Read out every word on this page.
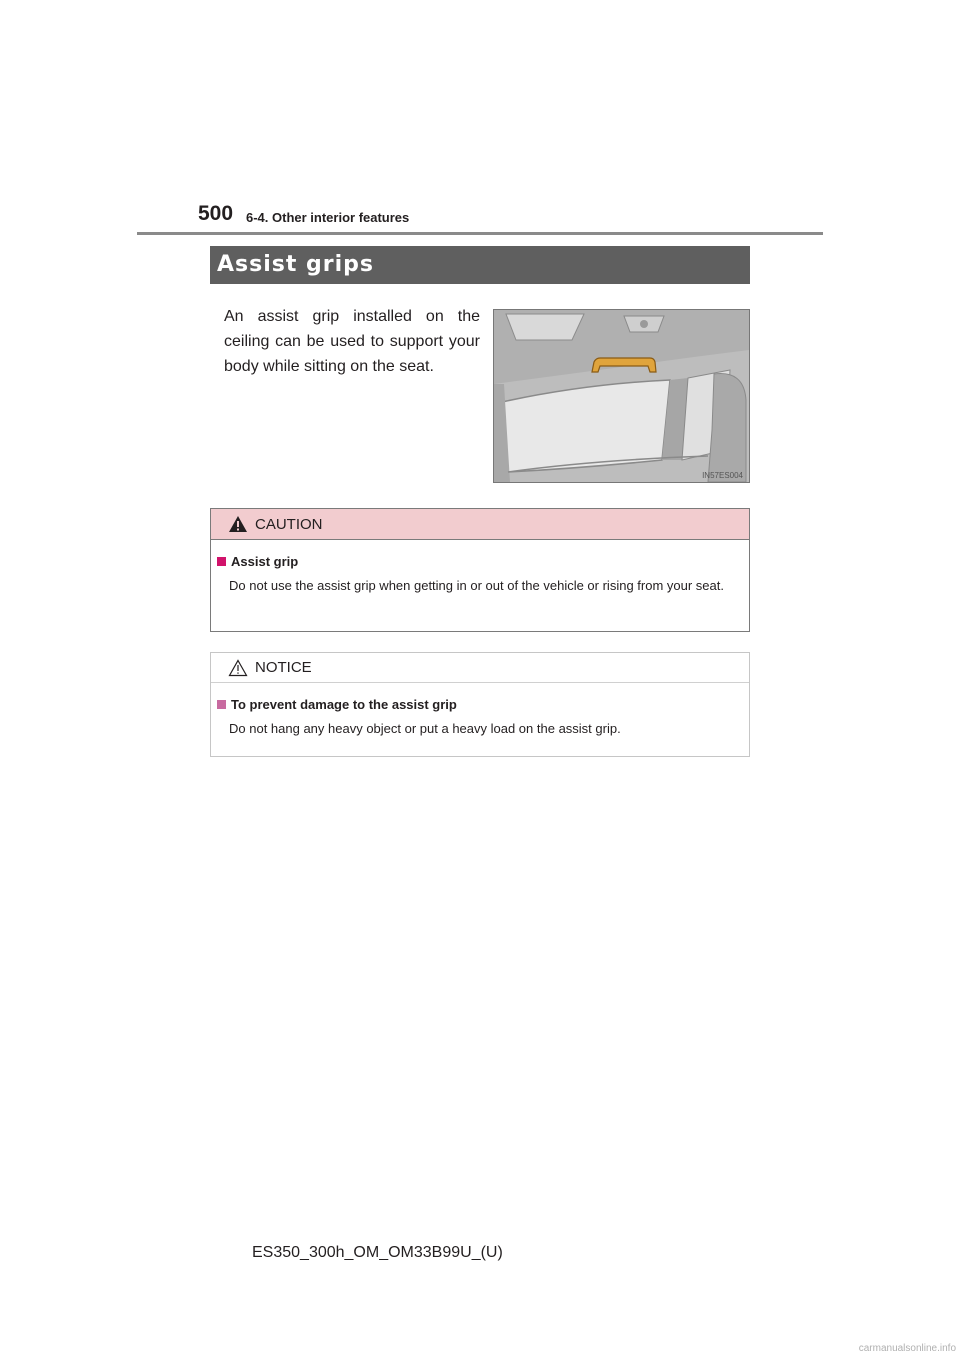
500 6-4. Other interior features
Assist grips

An assist grip installed on the ceiling can be used to support your body while sitting on the seat.

IN57ES004
CAUTION
Assist grip
Do not use the assist grip when getting in or out of the vehicle or rising from your seat.
NOTICE
To prevent damage to the assist grip
Do not hang any heavy object or put a heavy load on the assist grip.
ES350_300h_OM_OM33B99U_(U)
carmanualsonline.info
